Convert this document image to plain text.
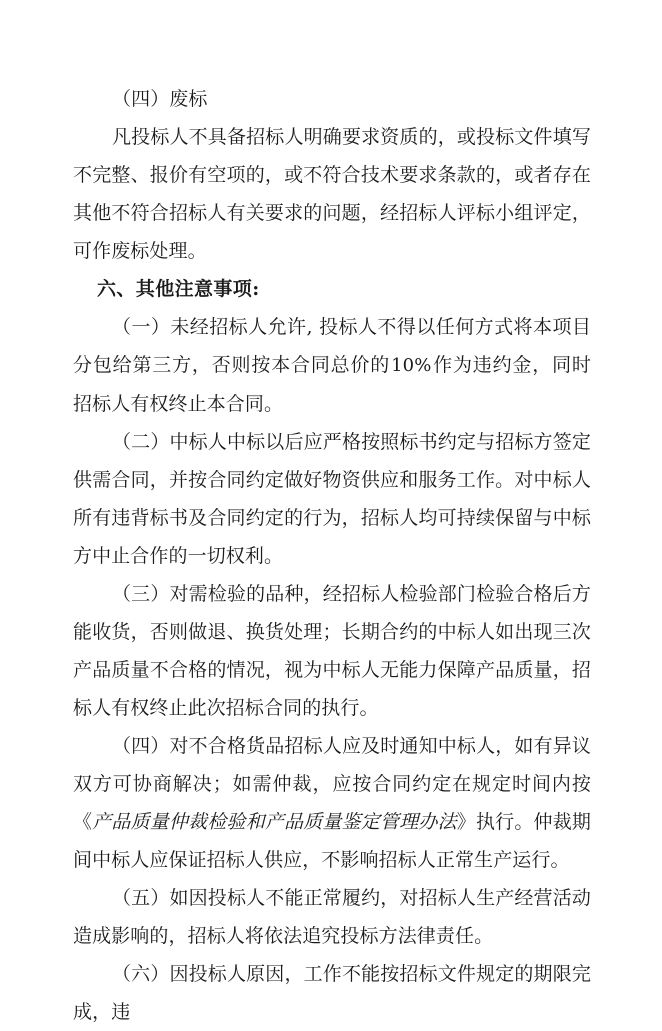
（四）废标

凡投标人不具备招标人明确要求资质的，或投标文件填写不完整、报价有空项的，或不符合技术要求条款的，或者存在其他不符合招标人有关要求的问题，经招标人评标小组评定，可作废标处理。

六、其他注意事项:

（一）未经招标人允许, 投标人不得以任何方式将本项目分包给第三方，否则按本合同总价的10%作为违约金，同时招标人有权终止本合同。

（二）中标人中标以后应严格按照标书约定与招标方签定供需合同，并按合同约定做好物资供应和服务工作。对中标人所有违背标书及合同约定的行为，招标人均可持续保留与中标方中止合作的一切权利。

（三）对需检验的品种，经招标人检验部门检验合格后方能收货，否则做退、换货处理；长期合约的中标人如出现三次产品质量不合格的情况，视为中标人无能力保障产品质量，招标人有权终止此次招标合同的执行。

（四）对不合格货品招标人应及时通知中标人，如有异议双方可协商解决；如需仲裁，应按合同约定在规定时间内按《产品质量仲裁检验和产品质量鉴定管理办法》执行。仲裁期间中标人应保证招标人供应，不影响招标人正常生产运行。

（五）如因投标人不能正常履约，对招标人生产经营活动造成影响的，招标人将依法追究投标方法律责任。

（六）因投标人原因，工作不能按招标文件规定的期限完成，违
